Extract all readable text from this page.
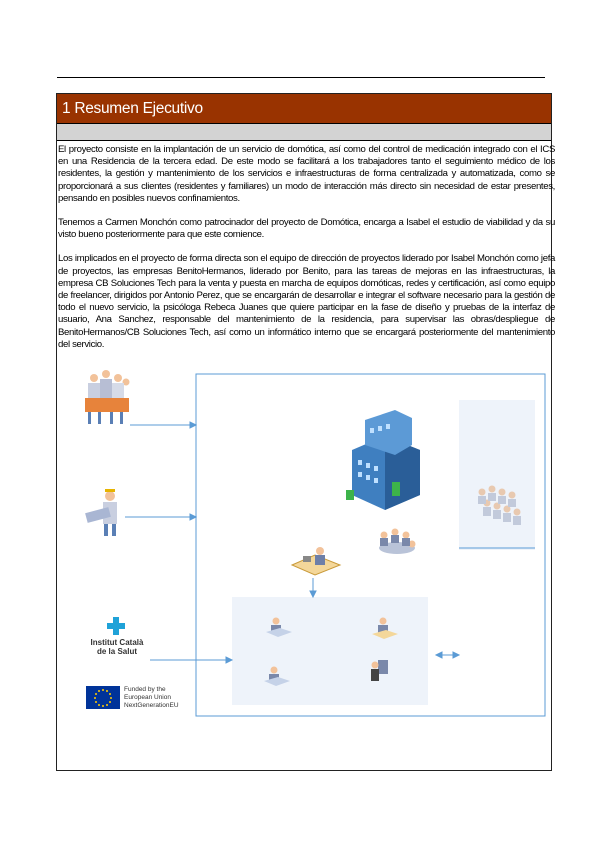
1 Resumen Ejecutivo

El proyecto consiste en la implantación de un servicio de domótica, así como del control de medicación integrado con el ICS en una Residencia de la tercera edad. De este modo se facilitará a los trabajadores tanto el seguimiento médico de los residentes, la gestión y mantenimiento de los servicios e infraestructuras de forma centralizada y automatizada, como se proporcionará a sus clientes (residentes y familiares) un modo de interacción más directo sin necesidad de estar presentes, pensando en posibles nuevos confinamientos.

Tenemos a Carmen Monchón como patrocinador del proyecto de Domótica, encarga a Isabel el estudio de viabilidad y da su visto bueno posteriormente para que este comience.

Los implicados en el proyecto de forma directa son el equipo de dirección de proyectos liderado por Isabel Monchón como jefa de proyectos, las empresas BenitoHermanos, liderado por Benito, para las tareas de mejoras en las infraestructuras, la empresa CB Soluciones Tech para la venta y puesta en marcha de equipos domóticas, redes y certificación, así como equipo de freelancer, dirigidos por Antonio Perez, que se encargarán de desarrollar e integrar el software necesario para la gestión de todo el nuevo servicio, la psicóloga Rebeca Juanes que quiere participar en la fase de diseño y pruebas de la interfaz de usuario, Ana Sanchez, responsable del mantenimiento de la residencia, para supervisar las obras/despliegue de BenitoHermanos/CB Soluciones Tech, así como un informático interno que se encargará posteriormente del mantenimiento del servicio.

Institut Català
de la Salut
Funded by the
European Union
NextGenerationEU
